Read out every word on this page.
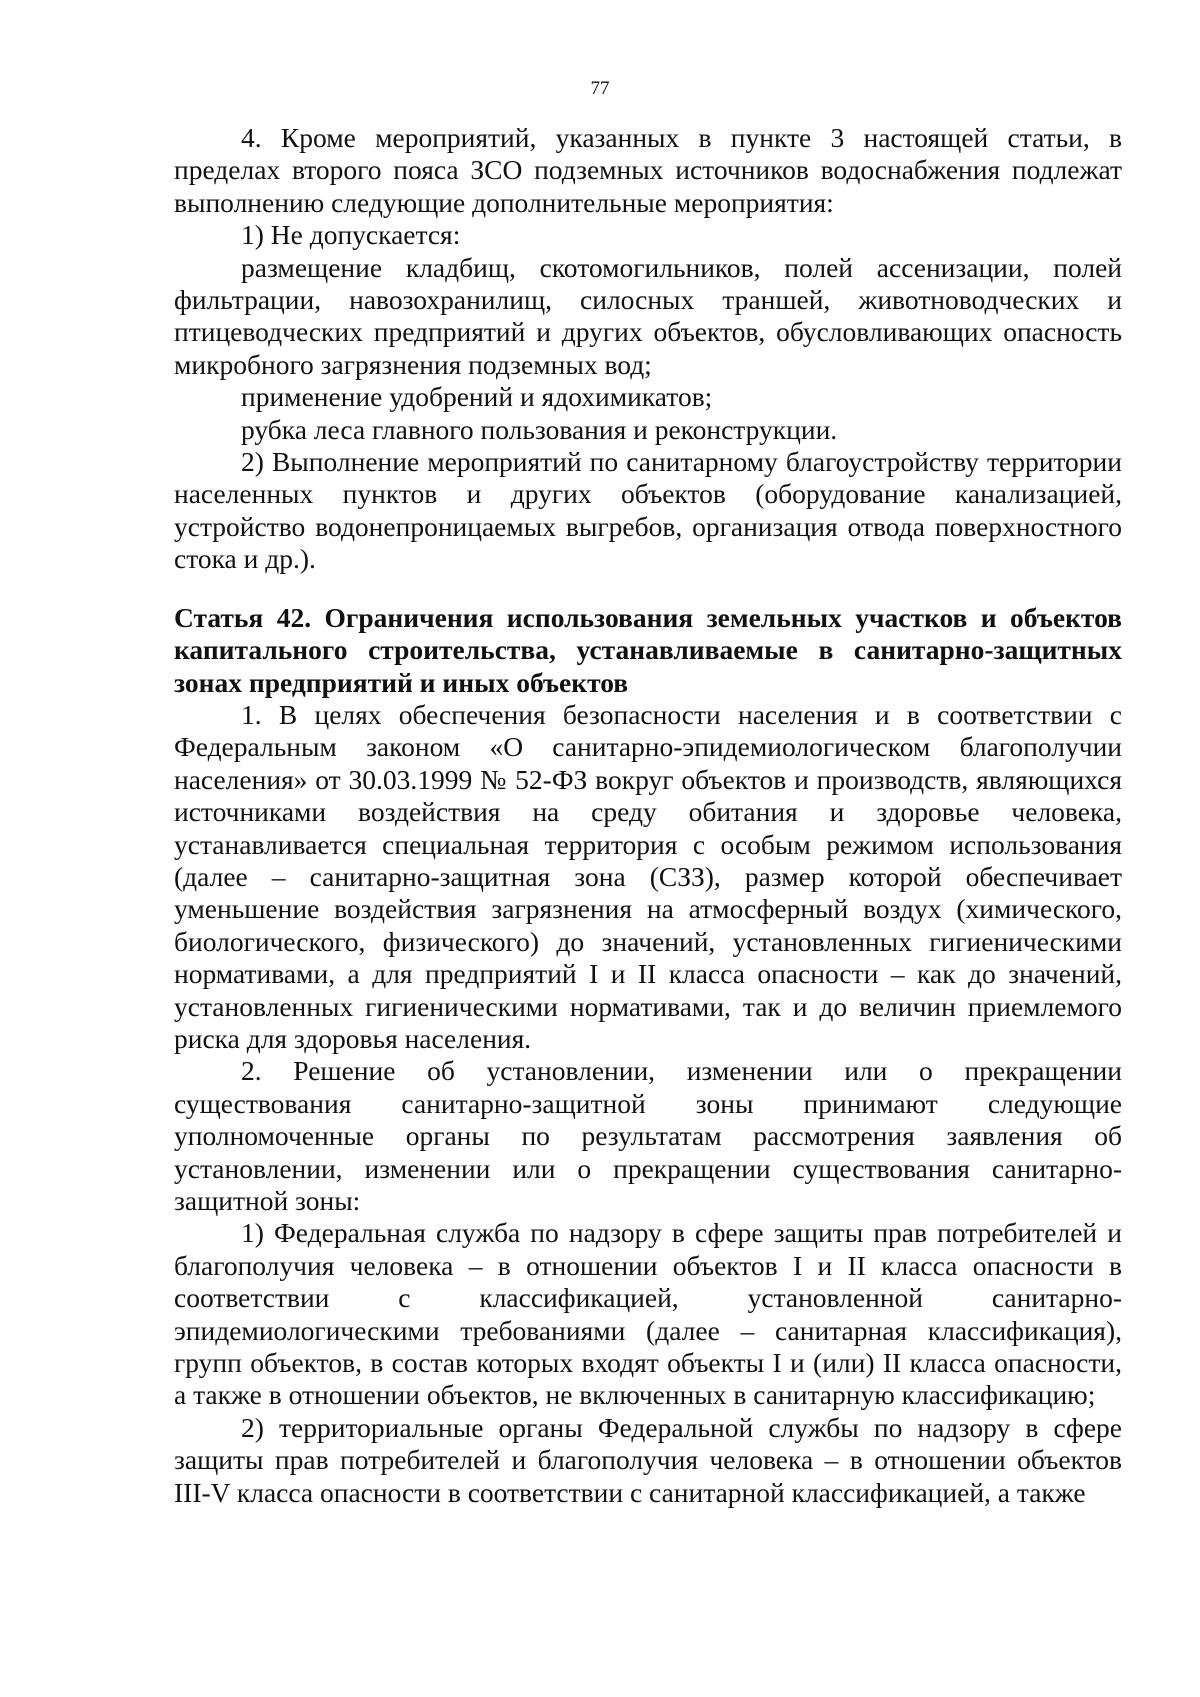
77

4. Кроме мероприятий, указанных в пункте 3 настоящей статьи, в пределах второго пояса ЗСО подземных источников водоснабжения подлежат выполнению следующие дополнительные мероприятия:

1) Не допускается:

размещение кладбищ, скотомогильников, полей ассенизации, полей фильтрации, навозохранилищ, силосных траншей, животноводческих и птицеводческих предприятий и других объектов, обусловливающих опасность микробного загрязнения подземных вод;

применение удобрений и ядохимикатов;

рубка леса главного пользования и реконструкции.

2) Выполнение мероприятий по санитарному благоустройству территории населенных пунктов и других объектов (оборудование канализацией, устройство водонепроницаемых выгребов, организация отвода поверхностного стока и др.).

Статья 42. Ограничения использования земельных участков и объектов капитального строительства, устанавливаемые в санитарно-защитных зонах предприятий и иных объектов

1. В целях обеспечения безопасности населения и в соответствии с Федеральным законом «О санитарно-эпидемиологическом благополучии населения» от 30.03.1999 № 52-ФЗ вокруг объектов и производств, являющихся источниками воздействия на среду обитания и здоровье человека, устанавливается специальная территория с особым режимом использования (далее – санитарно-защитная зона (СЗЗ), размер которой обеспечивает уменьшение воздействия загрязнения на атмосферный воздух (химического, биологического, физического) до значений, установленных гигиеническими нормативами, а для предприятий I и II класса опасности – как до значений, установленных гигиеническими нормативами, так и до величин приемлемого риска для здоровья населения.

2. Решение об установлении, изменении или о прекращении существования санитарно-защитной зоны принимают следующие уполномоченные органы по результатам рассмотрения заявления об установлении, изменении или о прекращении существования санитарно-защитной зоны:

1) Федеральная служба по надзору в сфере защиты прав потребителей и благополучия человека – в отношении объектов I и II класса опасности в соответствии с классификацией, установленной санитарно-эпидемиологическими требованиями (далее – санитарная классификация), групп объектов, в состав которых входят объекты I и (или) II класса опасности, а также в отношении объектов, не включенных в санитарную классификацию;

2) территориальные органы Федеральной службы по надзору в сфере защиты прав потребителей и благополучия человека – в отношении объектов III-V класса опасности в соответствии с санитарной классификацией, а также
